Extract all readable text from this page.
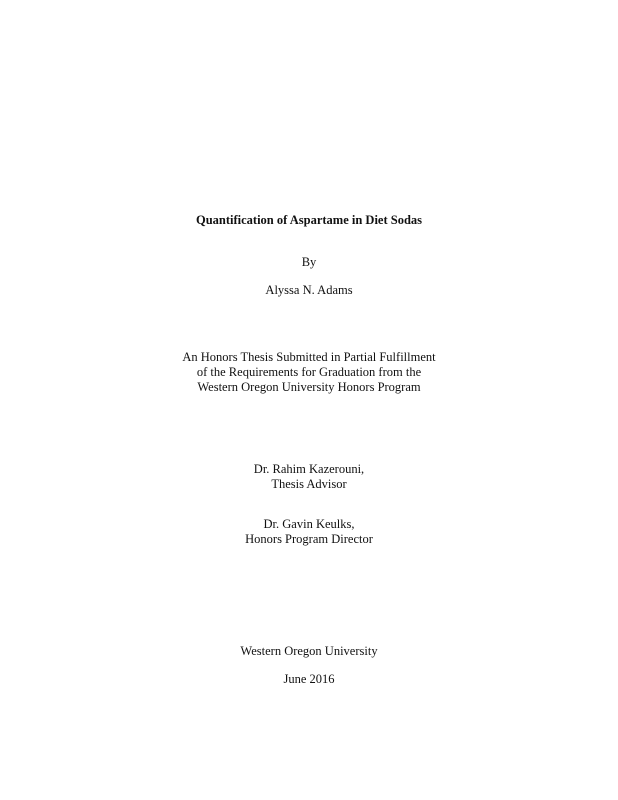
Quantification of Aspartame in Diet Sodas
By
Alyssa N. Adams
An Honors Thesis Submitted in Partial Fulfillment
of the Requirements for Graduation from the
Western Oregon University Honors Program
Dr. Rahim Kazerouni,
Thesis Advisor
Dr. Gavin Keulks,
Honors Program Director
Western Oregon University
June 2016
